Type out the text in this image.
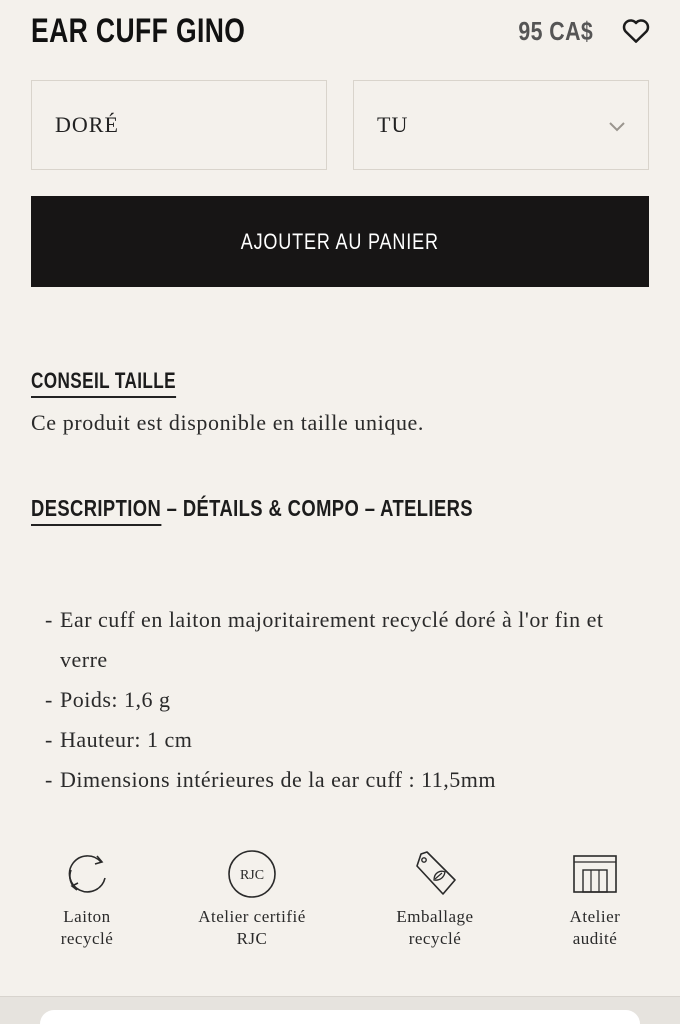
EAR CUFF GINO	95 CA$
DORÉ	TU
AJOUTER AU PANIER
CONSEIL TAILLE
Ce produit est disponible en taille unique.
DESCRIPTION – DÉTAILS & COMPO – ATELIERS
- Ear cuff en laiton majoritairement recyclé doré à l'or fin et verre
- Poids: 1,6 g
- Hauteur: 1 cm
- Dimensions intérieures de la ear cuff : 11,5mm
Laiton
recyclé
RJC
Atelier certifié
RJC
Emballage
recyclé
Atelier
audité
